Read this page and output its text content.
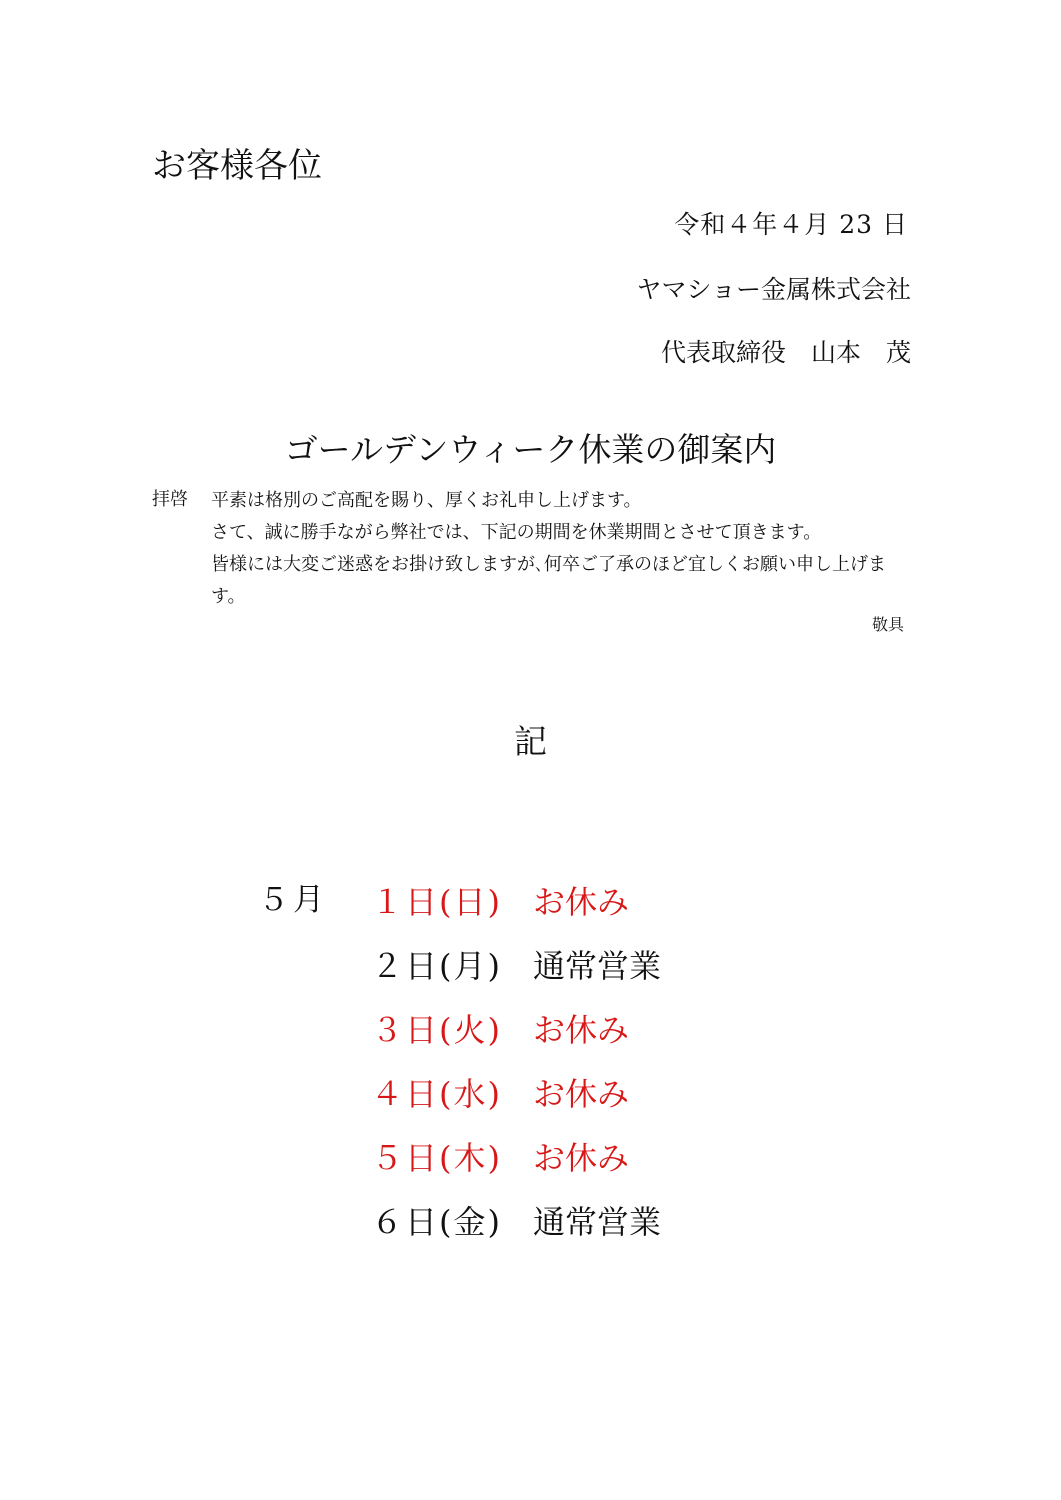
お客様各位
令和４年４月 23 日
ヤマショー金属株式会社
代表取締役　山本　茂
ゴールデンウィーク休業の御案内
拝啓 平素は格別のご高配を賜り、厚くお礼申し上げます。

さて、誠に勝手ながら弊社では、下記の期間を休業期間とさせて頂きます。

皆様には大変ご迷惑をお掛け致しますが､何卒ご了承のほど宜しくお願い申し上げます。

敬具
記
５月 １日(日) お休み
２日(月) 通常営業
３日(火) お休み
４日(水) お休み
５日(木) お休み
６日(金) 通常営業
